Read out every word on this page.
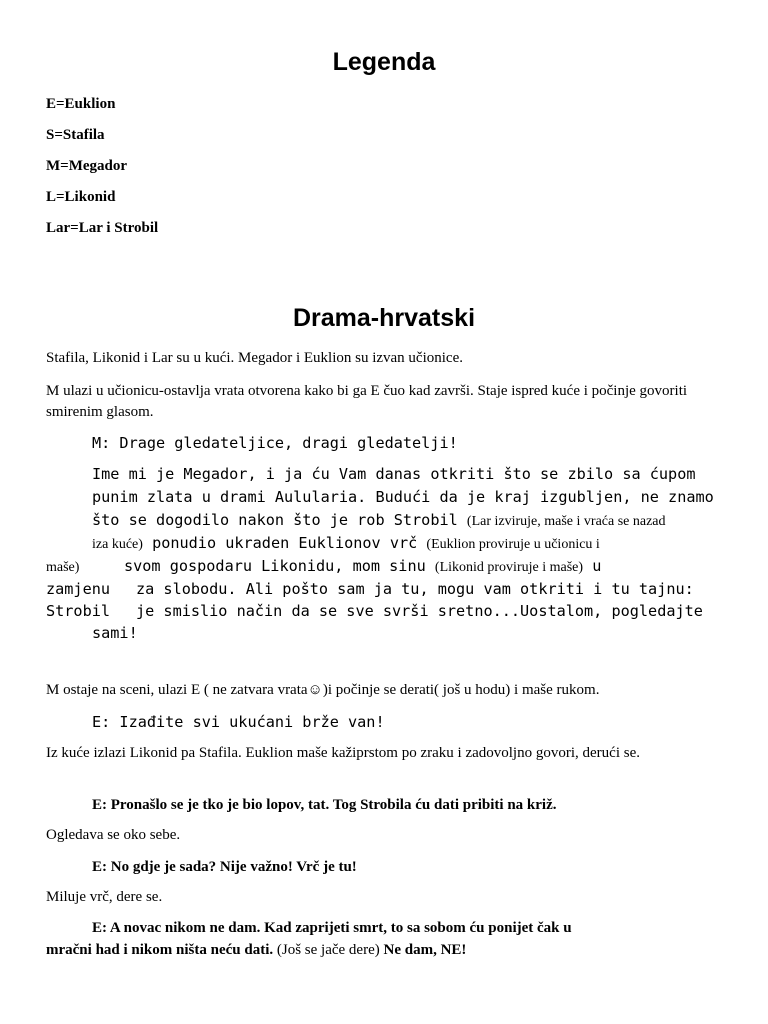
Legenda
E=Euklion
S=Stafila
M=Megador
L=Likonid
Lar=Lar i Strobil
Drama-hrvatski
Stafila, Likonid i Lar su u kući. Megador i Euklion su izvan učionice.
M ulazi u učionicu-ostavlja vrata otvorena kako bi ga E čuo kad završi. Staje ispred kuće i počinje govoriti smirenim glasom.
M: Drage gledateljice, dragi gledatelji!
Ime mi je Megador, i ja ću Vam danas otkriti što se zbilo sa ćupom
punim zlata u drami Aulularia. Budući da je kraj izgubljen, ne znamo
što se dogodilo nakon što je rob Strobil (Lar izviruje, maše i vraća se nazad
iza kuće) ponudio ukraden Euklionov vrč (Euklion proviruje u učionicu i
maše)	svom gospodaru Likonidu, mom sinu (Likonid proviruje i maše) u
zamjenu za slobodu. Ali pošto sam ja tu, mogu vam otkriti i tu tajnu:
Strobil je smislio način da se sve svrši sretno...Uostalom, pogledajte
sami!
M ostaje na sceni, ulazi E ( ne zatvara vrata☺)i počinje se derati( još u hodu) i maše rukom.
E: Izađite svi ukućani brže van!
Iz kuće izlazi Likonid pa Stafila. Euklion maše kažiprstom po zraku i zadovoljno govori, derući se.
E: Pronašlo se je tko je bio lopov, tat. Tog Strobila ću dati pribiti na križ.
Ogledava se oko sebe.
E: No gdje je sada? Nije važno! Vrč je tu!
Miluje vrč, dere se.
E: A novac nikom ne dam. Kad zaprijeti smrt, to sa sobom ću ponijet čak u
mračni had i nikom ništa neću dati. (Još se jače dere) Ne dam, NE!
